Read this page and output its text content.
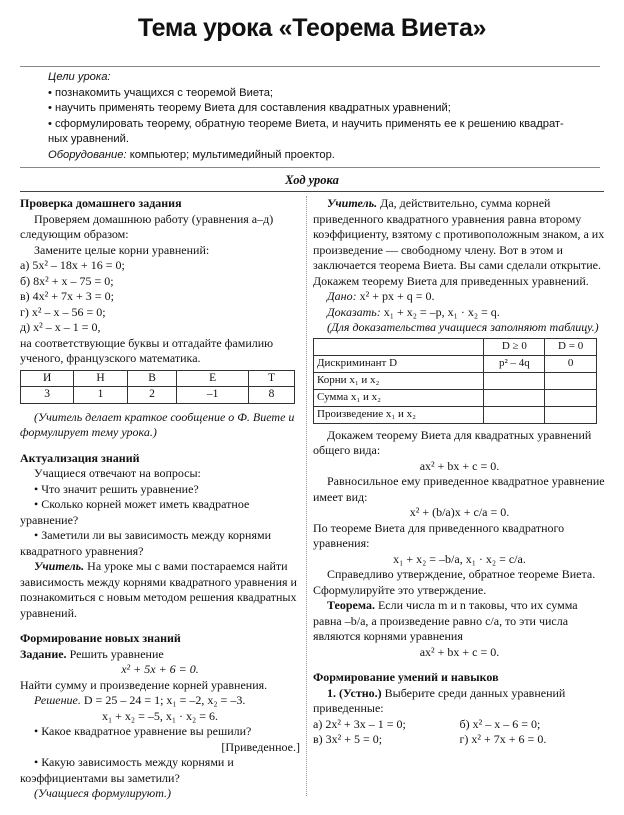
Тема урока «Теорема Виета»
Цели урока:
• познакомить учащихся с теоремой Виета;
• научить применять теорему Виета для составления квадратных уравнений;
• сформулировать теорему, обратную теореме Виета, и научить применять ее к решению квадрат-
ных уравнений.
Оборудование: компьютер; мультимедийный проектор.
Ход урока
Проверка домашнего задания
Проверяем домашнюю работу (уравнения а–д) следующим образом:
Замените целые корни уравнений:
а) 5x² – 18x + 16 = 0;
б) 8x² + x – 75 = 0;
в) 4x² + 7x + 3 = 0;
г) x² – x – 56 = 0;
д) x² – x – 1 = 0,
на соответствующие буквы и отгадайте фамилию ученого, французского математика.
И	Н	В	Е	Т
3	1	2	–1	8
(Учитель делает краткое сообщение о Ф. Виете и формулирует тему урока.)
Актуализация знаний
Учащиеся отвечают на вопросы:
• Что значит решить уравнение?
• Сколько корней может иметь квадратное уравнение?
• Заметили ли вы зависимость между корнями квадратного уравнения?
Учитель. На уроке мы с вами постараемся найти зависимость между корнями квадратного уравнения и познакомиться с новым методом решения квадратных уравнений.
Формирование новых знаний
Задание. Решить уравнение
x² + 5x + 6 = 0.
Найти сумму и произведение корней уравнения.
Решение. D = 25 – 24 = 1; x₁ = –2, x₂ = –3.
x₁ + x₂ = –5, x₁ · x₂ = 6.
• Какое квадратное уравнение вы решили?
[Приведенное.]
• Какую зависимость между корнями и коэффициентами вы заметили?
(Учащиеся формулируют.)
Учитель. Да, действительно, сумма корней приведенного квадратного уравнения равна второму коэффициенту, взятому с противоположным знаком, а их произведение — свободному члену. Вот в этом и заключается теорема Виета. Вы сами сделали открытие. Докажем теорему Виета для приведенных уравнений.
Дано: x² + px + q = 0.
Доказать: x₁ + x₂ = –p, x₁ · x₂ = q.
(Для доказательства учащиеся заполняют таблицу.)
	D ≥ 0	D = 0
Дискриминант D	p² – 4q	0
Корни x₁ и x₂		
Сумма x₁ и x₂		
Произведение x₁ и x₂		
Докажем теорему Виета для квадратных уравнений общего вида:
ax² + bx + c = 0.
Равносильное ему приведенное квадратное уравнение имеет вид:
x² + (b/a)x + c/a = 0.
По теореме Виета для приведенного квадратного уравнения:
x₁ + x₂ = –b/a, x₁ · x₂ = c/a.
Справедливо утверждение, обратное теореме Виета. Сформулируйте это утверждение.
Теорема. Если числа m и n таковы, что их сумма равна –b/a, а произведение равно c/a, то эти числа являются корнями уравнения
ax² + bx + c = 0.
Формирование умений и навыков
1. (Устно.) Выберите среди данных уравнений приведенные:
а) 2x² + 3x – 1 = 0;	б) x² – x – 6 = 0;
в) 3x² + 5 = 0;	г) x² + 7x + 6 = 0.
